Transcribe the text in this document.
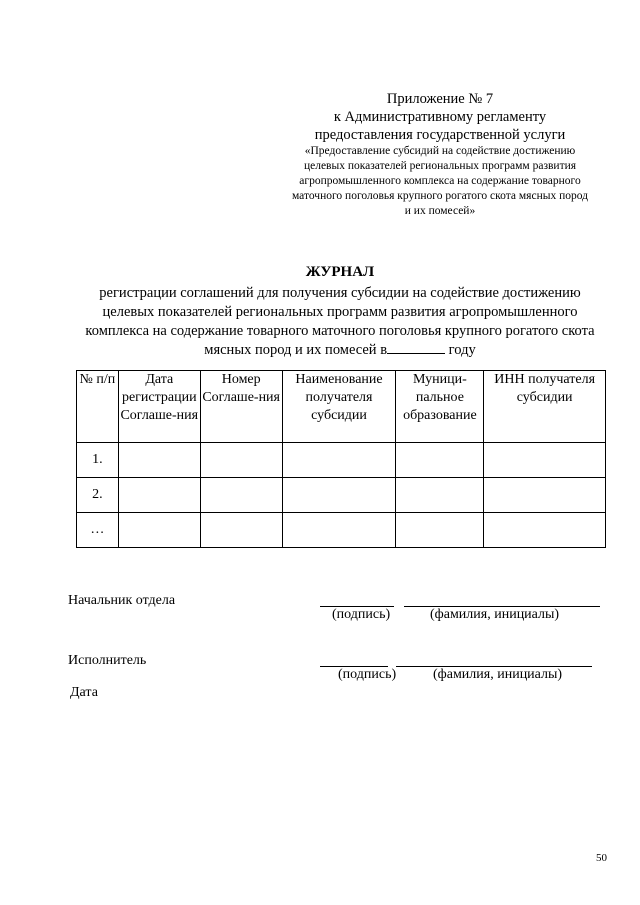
Приложение № 7
к Административному регламенту
предоставления государственной услуги
«Предоставление субсидий на содействие достижению
целевых показателей региональных программ развития
агропромышленного комплекса на содержание товарного
маточного поголовья крупного рогатого скота мясных пород
и их помесей»
ЖУРНАЛ
регистрации соглашений для получения субсидии на содействие достижению
целевых показателей региональных программ развития агропромышленного
комплекса на содержание товарного маточного поголовья крупного рогатого скота
мясных пород и их помесей в	году
№ п/п	Дата регистрации Соглаше-ния	Номер Соглаше-ния	Наименование получателя субсидии	Муници-пальное образование	ИНН получателя субсидии
1.					
2.					
…					
Начальник отдела
(подпись)	(фамилия, инициалы)
Исполнитель
(подпись)	(фамилия, инициалы)
Дата
50
